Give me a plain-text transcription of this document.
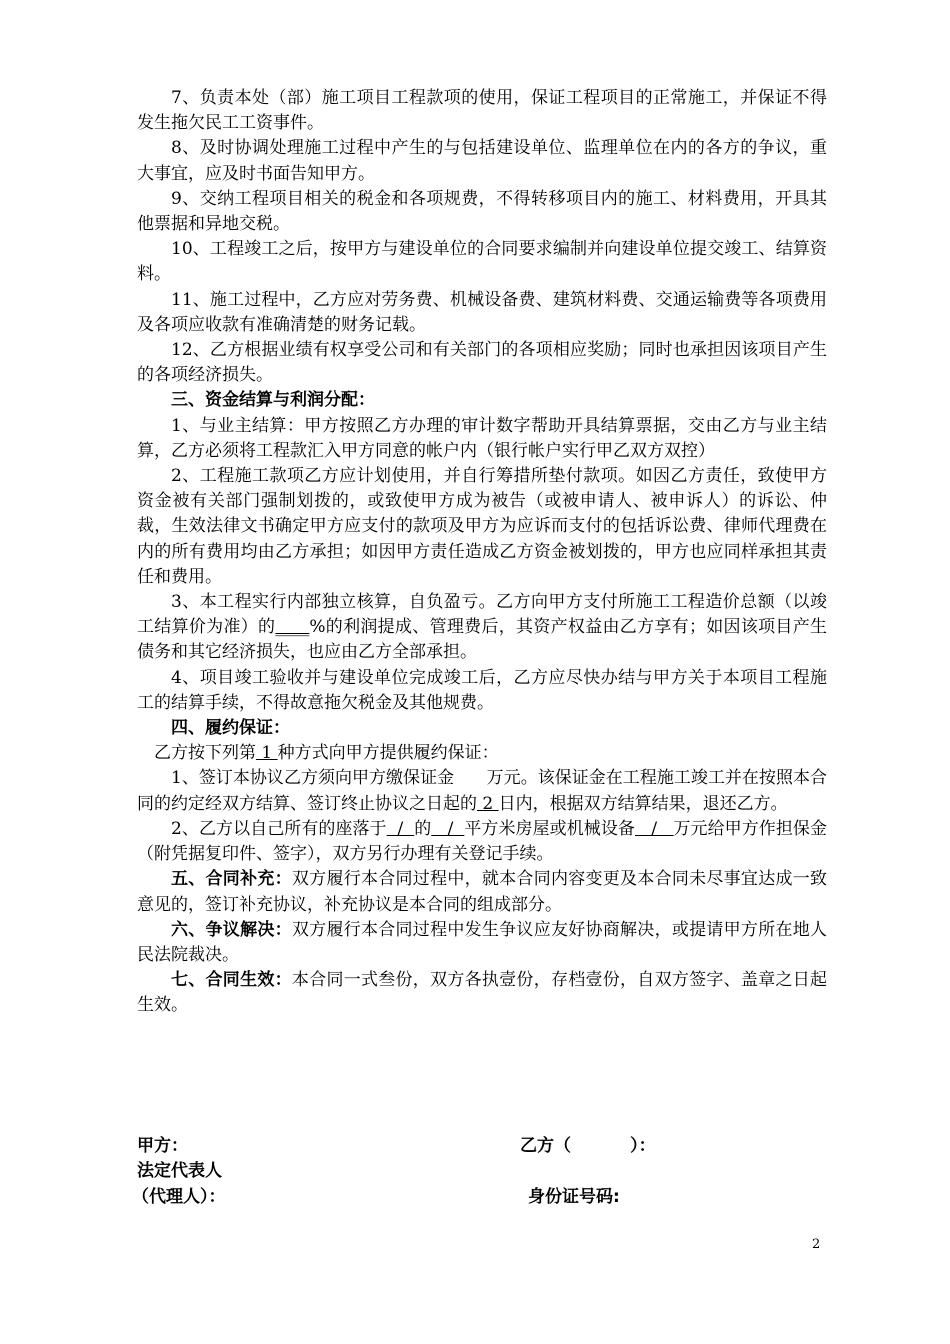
7、负责本处（部）施工项目工程款项的使用，保证工程项目的正常施工，并保证不得发生拖欠民工工资事件。

8、及时协调处理施工过程中产生的与包括建设单位、监理单位在内的各方的争议，重大事宜，应及时书面告知甲方。

9、交纳工程项目相关的税金和各项规费，不得转移项目内的施工、材料费用，开具其他票据和异地交税。

10、工程竣工之后，按甲方与建设单位的合同要求编制并向建设单位提交竣工、结算资料。

11、施工过程中，乙方应对劳务费、机械设备费、建筑材料费、交通运输费等各项费用及各项应收款有准确清楚的财务记载。

12、乙方根据业绩有权享受公司和有关部门的各项相应奖励；同时也承担因该项目产生的各项经济损失。

三、资金结算与利润分配：

1、与业主结算：甲方按照乙方办理的审计数字帮助开具结算票据，交由乙方与业主结算，乙方必须将工程款汇入甲方同意的帐户内（银行帐户实行甲乙双方双控）

2、工程施工款项乙方应计划使用，并自行筹措所垫付款项。如因乙方责任，致使甲方资金被有关部门强制划拨的，或致使甲方成为被告（或被申请人、被申诉人）的诉讼、仲裁，生效法律文书确定甲方应支付的款项及甲方为应诉而支付的包括诉讼费、律师代理费在内的所有费用均由乙方承担；如因甲方责任造成乙方资金被划拨的，甲方也应同样承担其责任和费用。

3、本工程实行内部独立核算，自负盈亏。乙方向甲方支付所施工工程造价总额（以竣工结算价为准）的____%的利润提成、管理费后，其资产权益由乙方享有；如因该项目产生债务和其它经济损失，也应由乙方全部承担。

4、项目竣工验收并与建设单位完成竣工后，乙方应尽快办结与甲方关于本项目工程施工的结算手续，不得故意拖欠税金及其他规费。

四、履约保证：

乙方按下列第 1 种方式向甲方提供履约保证：

1、签订本协议乙方须向甲方缴保证金 万元。该保证金在工程施工竣工并在按照本合同的约定经双方结算、签订终止协议之日起的 2 日内，根据双方结算结果，退还乙方。

2、乙方以自己所有的座落于  /  的   /  平方米房屋或机械设备   /   万元给甲方作担保金（附凭据复印件、签字），双方另行办理有关登记手续。

五、合同补充：双方履行本合同过程中，就本合同内容变更及本合同未尽事宜达成一致意见的，签订补充协议，补充协议是本合同的组成部分。

六、争议解决：双方履行本合同过程中发生争议应友好协商解决，或提请甲方所在地人民法院裁决。

七、合同生效：本合同一式叁份，双方各执壹份，存档壹份，自双方签字、盖章之日起生效。

甲方：	乙方（          ）：
法定代表人
（代理人）：	身份证号码:
2
